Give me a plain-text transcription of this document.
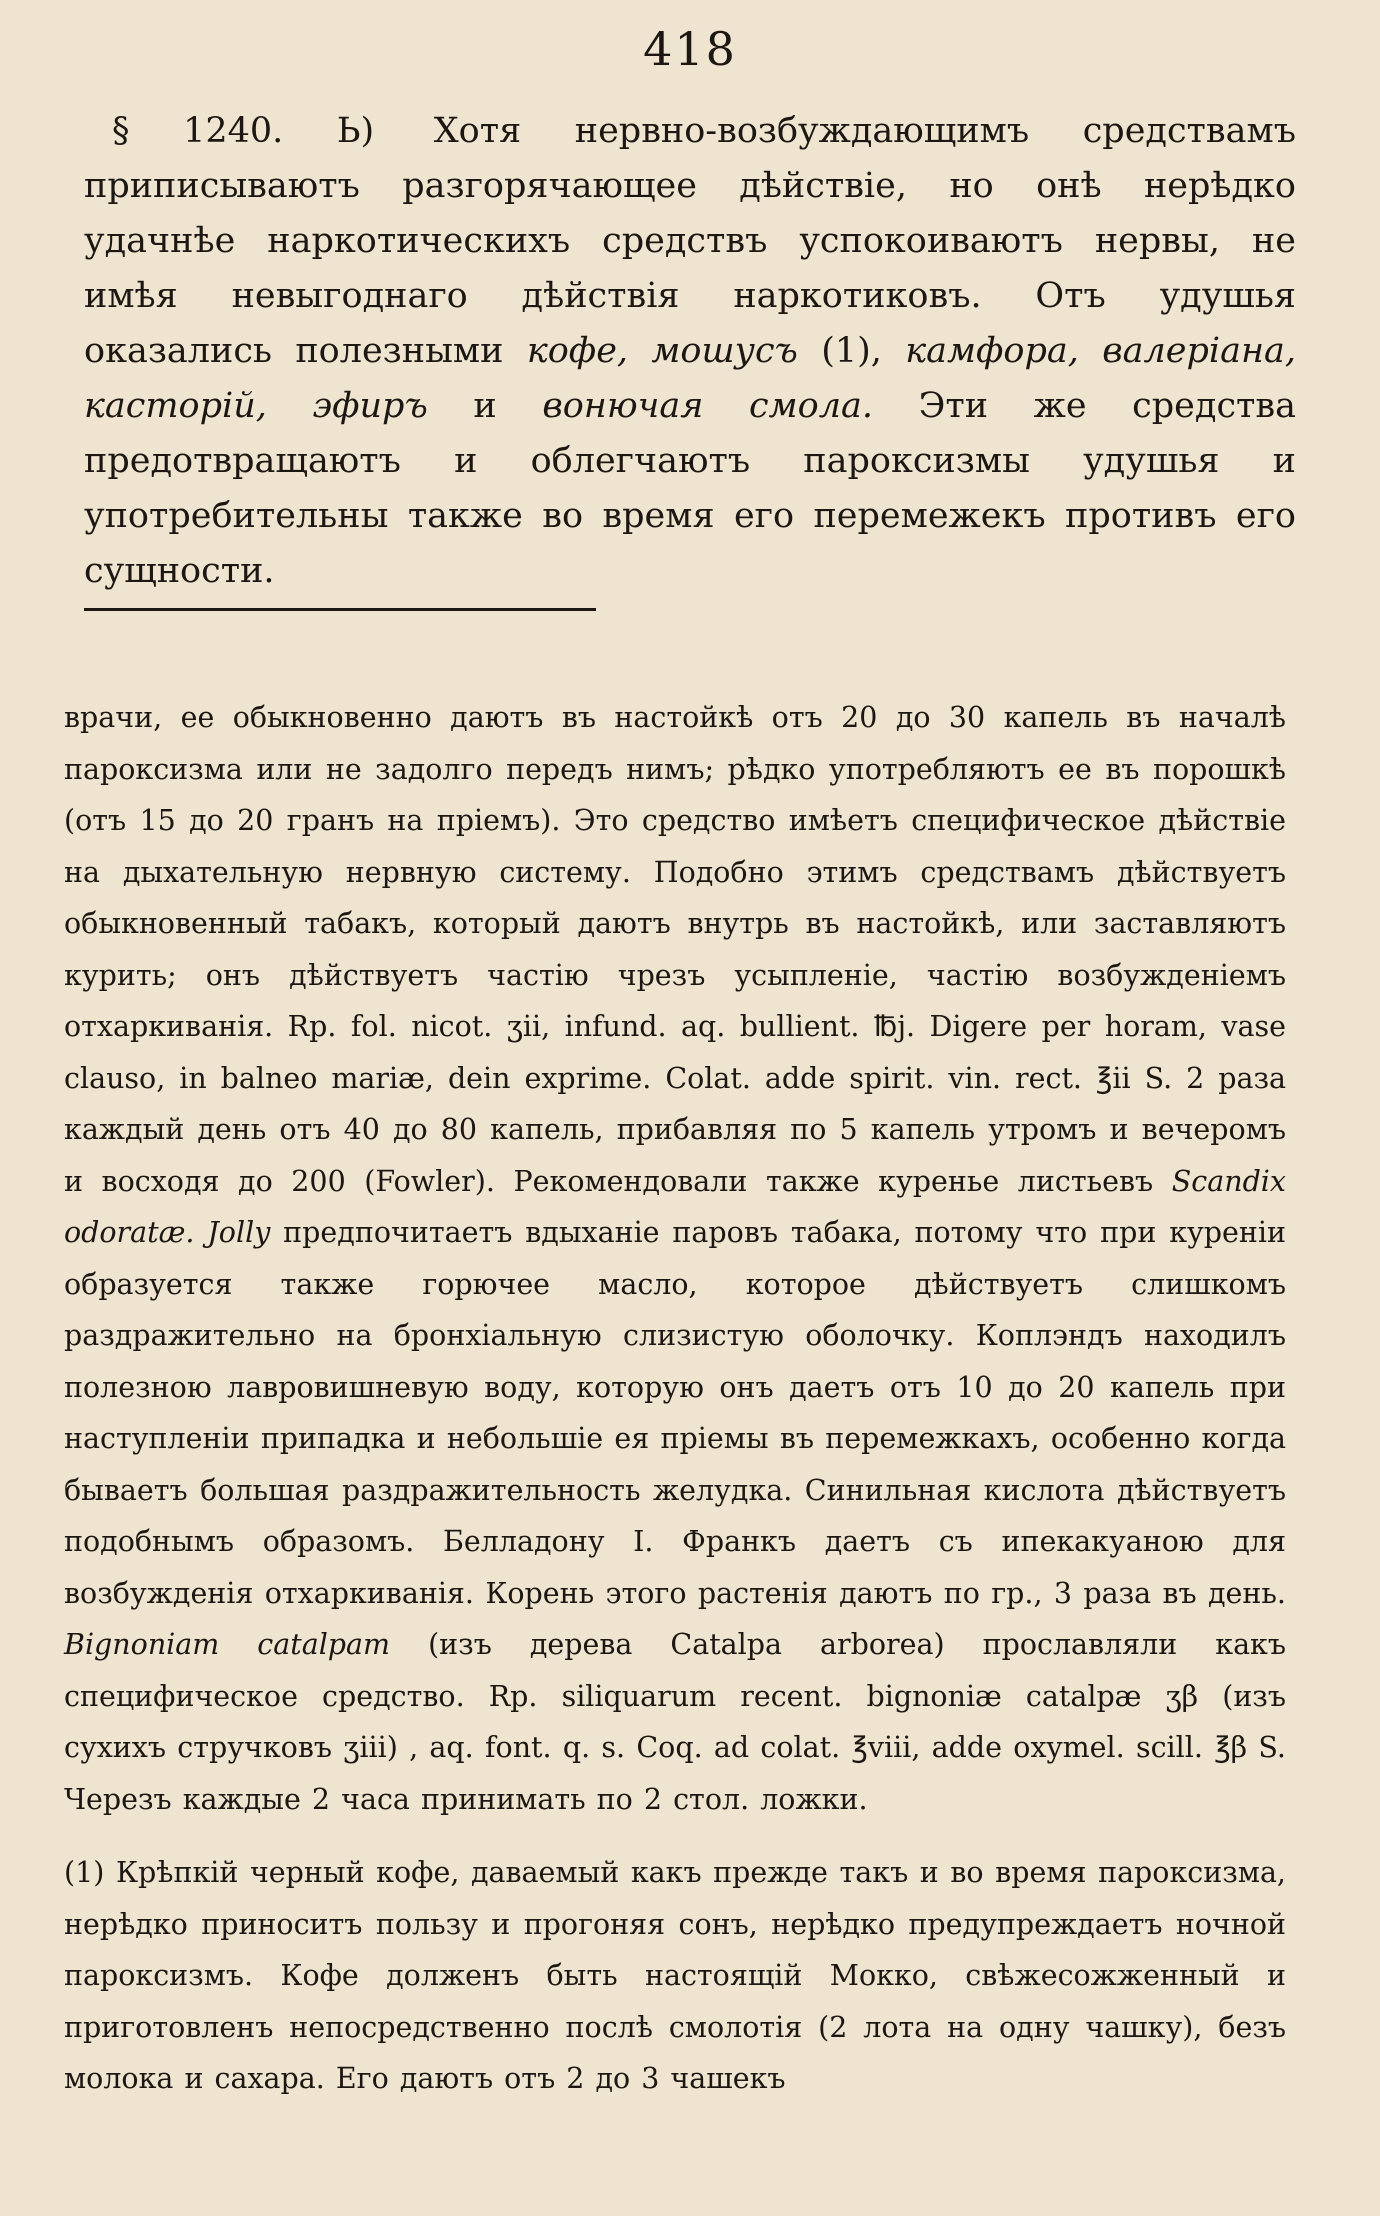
418

§ 1240. Ь) Хотя нервно-возбуждающимъ средствамъ приписываютъ разгорячающее дѣйствіе, но онѣ нерѣдко удачнѣе наркотическихъ средствъ успокоиваютъ нервы, не имѣя невыгоднаго дѣйствія наркотиковъ. Отъ удушья оказались полезными кофе, мошусъ (1), камфора, валеріана, касторій, эфиръ и вонючая смола. Эти же средства предотвращаютъ и облегчаютъ пароксизмы удушья и употребительны также во время его перемежекъ противъ его сущности.

врачи, ее обыкновенно даютъ въ настойкѣ отъ 20 до 30 капель въ началѣ пароксизма или не задолго передъ нимъ; рѣдко употребляютъ ее въ порошкѣ (отъ 15 до 20 гранъ на пріемъ). Это средство имѣетъ специфическое дѣйствіе на дыхательную нервную систему. Подобно этимъ средствамъ дѣйствуетъ обыкновенный табакъ, который даютъ внутрь въ настойкѣ, или заставляютъ курить; онъ дѣйствуетъ частію чрезъ усыпленіе, частію возбужденіемъ отхаркиванія. Rp. fol. nicot. ʒii, infund. aq. bullient. ℔j. Digere per horam, vase clauso, in balneo mariæ, dein exprime. Colat. adde spirit. vin. rect. ℥ii S. 2 раза каждый день отъ 40 до 80 капель, прибавляя по 5 капель утромъ и вечеромъ и восходя до 200 (Fowler). Рекомендовали также куренье листьевъ Scandix odoratæ. Jolly предпочитаетъ вдыханіе паровъ табака, потому что при куреніи образуется также горючее масло, которое дѣйствуетъ слишкомъ раздражительно на бронхіальную слизистую оболочку. Коплэндъ находилъ полезною лавровишневую воду, которую онъ даетъ отъ 10 до 20 капель при наступленіи припадка и небольшіе ея пріемы въ перемежкахъ, особенно когда бываетъ большая раздражительность желудка. Синильная кислота дѣйствуетъ подобнымъ образомъ. Белладону I. Франкъ даетъ съ ипекакуаною для возбужденія отхаркиванія. Корень этого растенія даютъ по гр., 3 раза въ день. Bignoniam catalpam (изъ дерева Catalpa arborea) прославляли какъ специфическое средство. Rp. siliquarum recent. bignoniæ catalpæ ʒβ (изъ сухихъ стручковъ ʒiii) , aq. font. q. s. Coq. ad colat. ℥viii, adde oxymel. scill. ℥β S. Черезъ каждые 2 часа принимать по 2 стол. ложки.

(1) Крѣпкій черный кофе, даваемый какъ прежде такъ и во время пароксизма, нерѣдко приноситъ пользу и прогоняя сонъ, нерѣдко предупреждаетъ ночной пароксизмъ. Кофе долженъ быть настоящій Мокко, свѣжесожженный и приготовленъ непосредственно послѣ смолотія (2 лота на одну чашку), безъ молока и сахара. Его даютъ отъ 2 до 3 чашекъ
